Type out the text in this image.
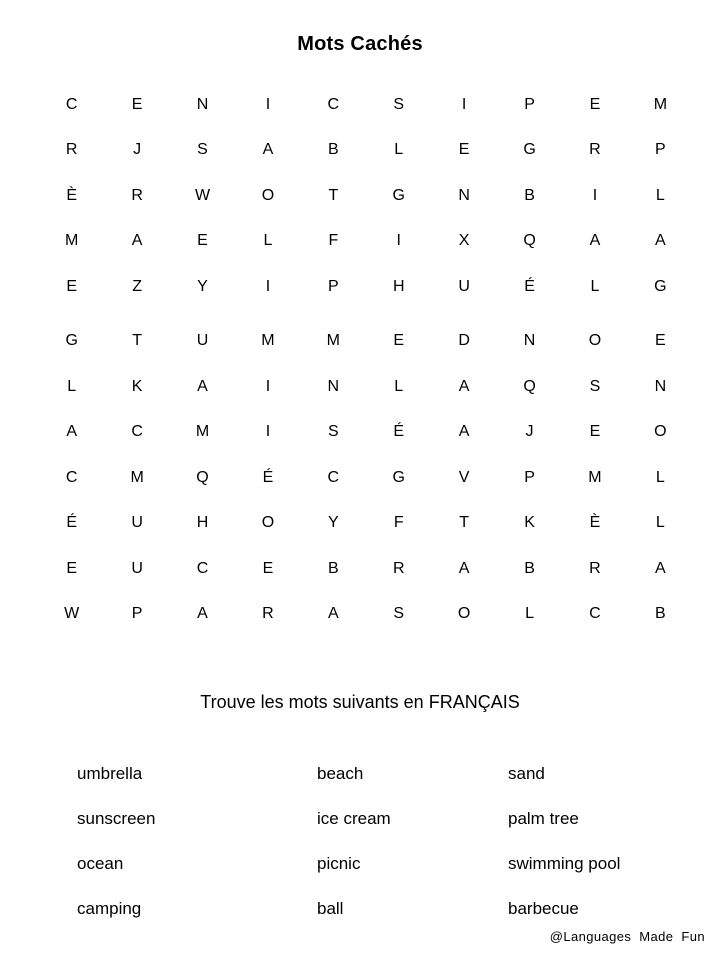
Mots Cachés
C	E	N	I	C	S	I	P	E	M
R	J	S	A	B	L	E	G	R	P
È	R	W	O	T	G	N	B	I	L
M	A	E	L	F	I	X	Q	A	A
E	Z	Y	I	P	H	U	É	L	G
G	T	U	M	M	E	D	N	O	E
L	K	A	I	N	L	A	Q	S	N
A	C	M	I	S	É	A	J	E	O
C	M	Q	É	C	G	V	P	M	L
É	U	H	O	Y	F	T	K	È	L
E	U	C	E	B	R	A	B	R	A
W	P	A	R	A	S	O	L	C	B
Trouve les mots suivants en FRANÇAIS
umbrella	beach	sand
sunscreen	ice cream	palm tree
ocean	picnic	swimming pool
camping	ball	barbecue
@Languages Made Fun
